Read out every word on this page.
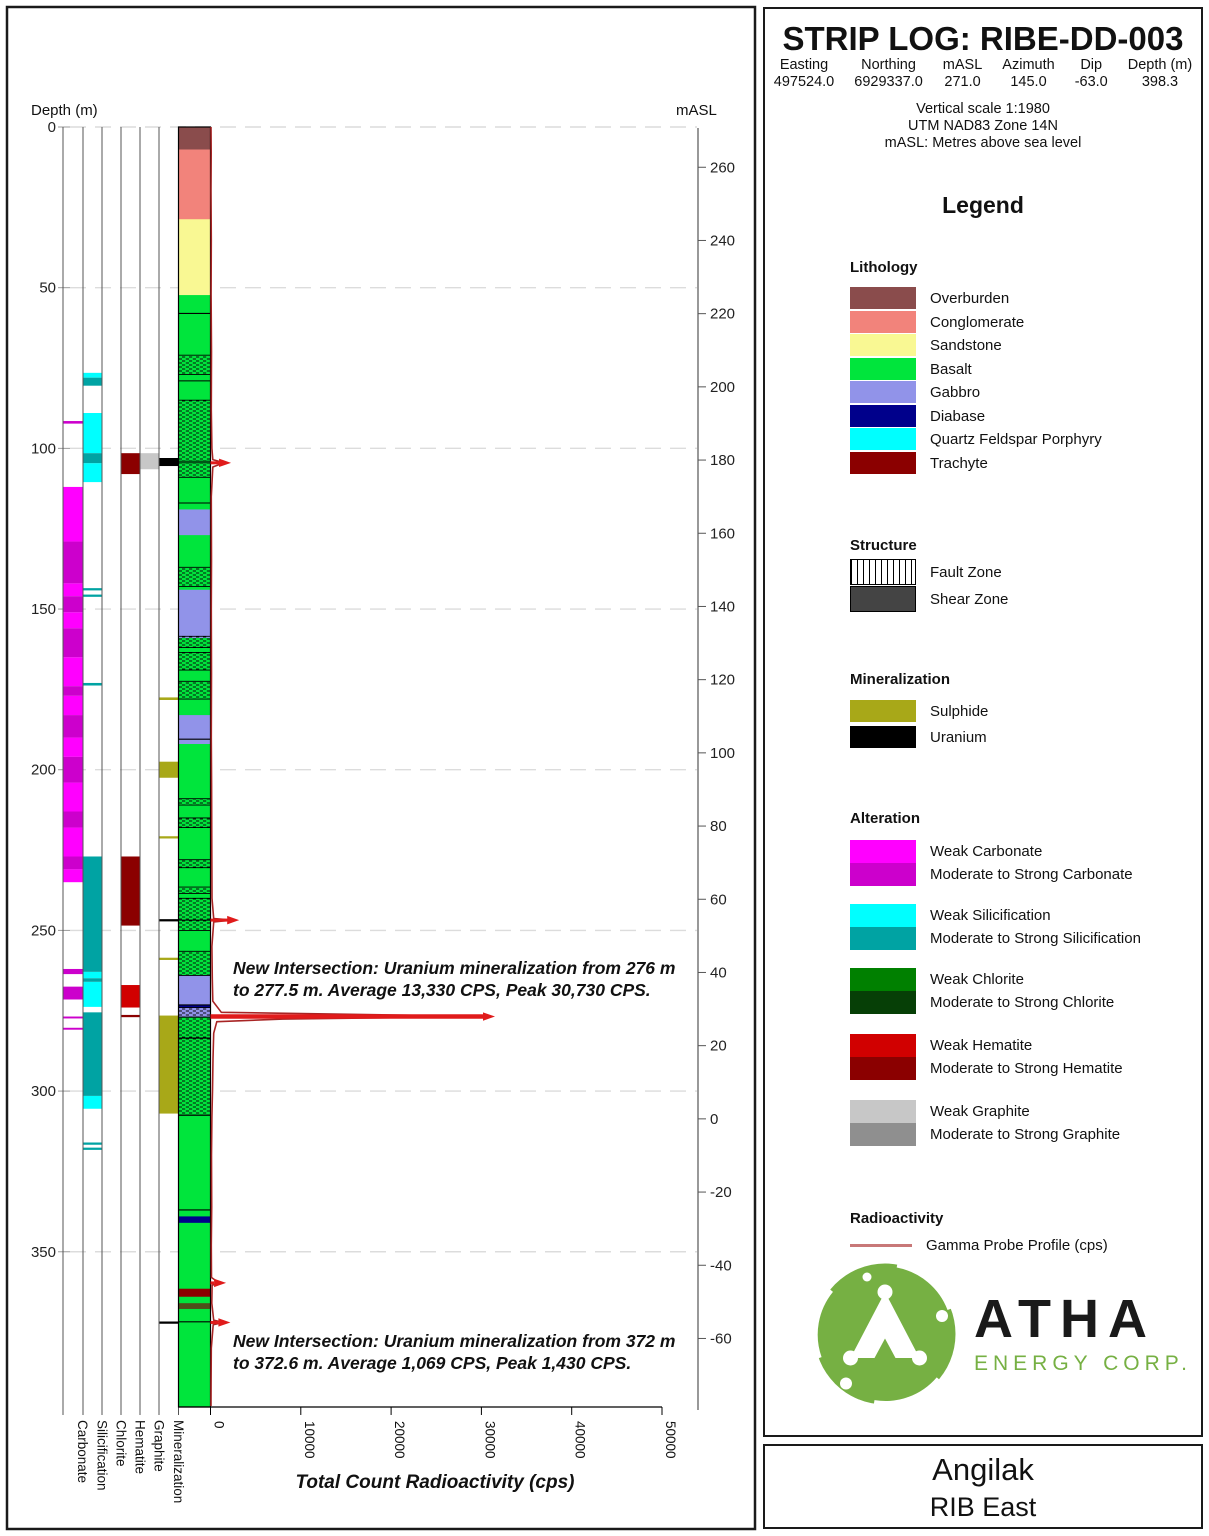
0
50
100
150
200
250
300
350
260
240
220
200
180
160
140
120
100
80
60
40
20
0
-20
-40
-60
Carbonate Silicification Chlorite Hematite Graphite Mineralization 0	10000	20000	30000	40000	50000
Depth (m)	mASL
Total Count Radioactivity (cps)
New Intersection: Uranium mineralization from 276 m
to 277.5 m. Average 13,330 CPS, Peak 30,730 CPS.
New Intersection: Uranium mineralization from 372 m
to 372.6 m. Average 1,069 CPS, Peak 1,430 CPS.
STRIP LOG: RIBE-DD-003
Easting
497524.0
Northing
6929337.0
mASL
271.0
Azimuth
145.0
Dip
-63.0
Depth (m)
398.3
Vertical scale 1:1980
UTM NAD83 Zone 14N
mASL: Metres above sea level
Legend
Lithology
Overburden
Conglomerate
Sandstone
Basalt
Gabbro
Diabase
Quartz Feldspar Porphyry
Trachyte
Structure
Fault Zone
Shear Zone
Mineralization
Sulphide
Uranium
Alteration
Weak Carbonate
Moderate to Strong Carbonate
Weak Silicification
Moderate to Strong Silicification
Weak Chlorite
Moderate to Strong Chlorite
Weak Hematite
Moderate to Strong Hematite
Weak Graphite
Moderate to Strong Graphite
Radioactivity
Gamma Probe Profile (cps)
ATHA
ENERGY CORP.
Angilak
RIB East
